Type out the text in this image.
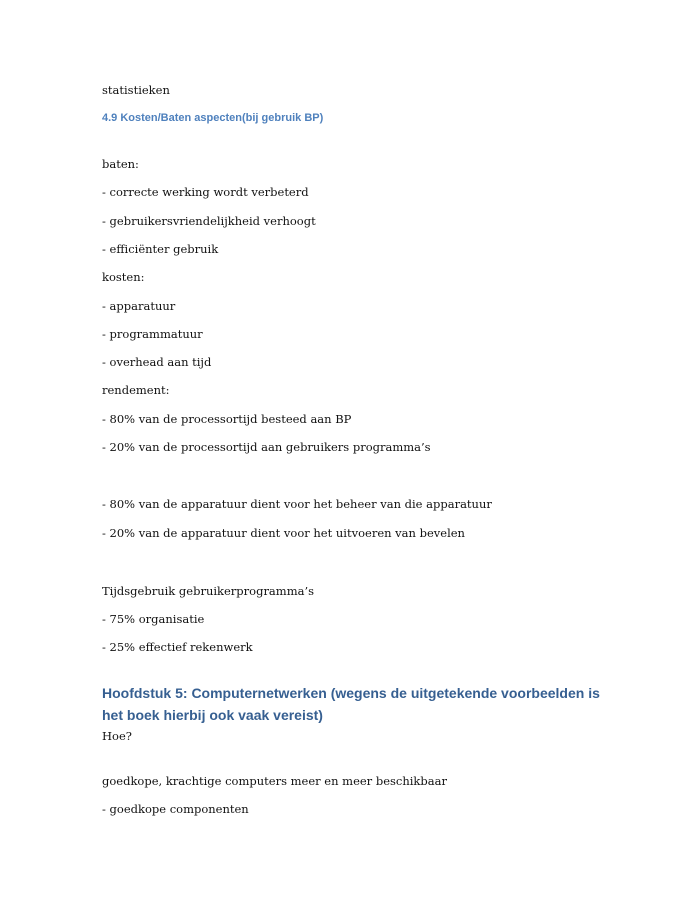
statistieken
4.9 Kosten/Baten aspecten(bij gebruik BP)
baten:
- correcte werking wordt verbeterd
- gebruikersvriendelijkheid verhoogt
- efficiënter gebruik
kosten:
- apparatuur
- programmatuur
- overhead aan tijd
rendement:
- 80% van de processortijd besteed aan BP
- 20% van de processortijd aan gebruikers programma’s
- 80% van de apparatuur dient voor het beheer van die apparatuur
- 20% van de apparatuur dient voor het uitvoeren van bevelen
Tijdsgebruik gebruikerprogramma’s
- 75% organisatie
- 25% effectief rekenwerk
Hoofdstuk 5: Computernetwerken (wegens de uitgetekende voorbeelden is het boek hierbij ook vaak vereist)
Hoe?
goedkope, krachtige computers meer en meer beschikbaar
- goedkope componenten
